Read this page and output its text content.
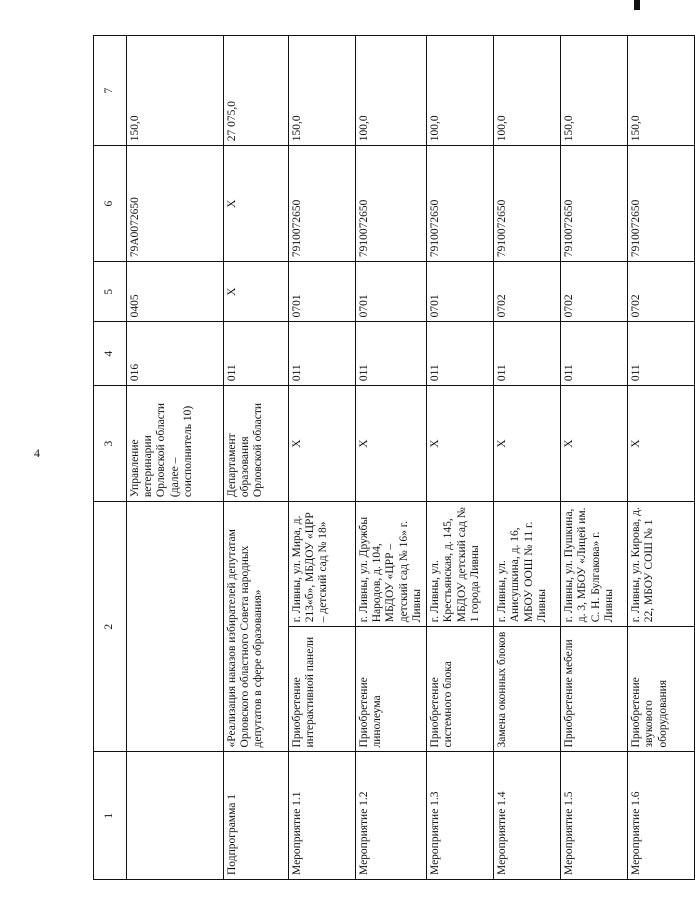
4
1	2		3	4	5	6	7
			Управление ветеринарии Орловской области (далее – соисполнитель 10)	016	0405	79А0072650	150,0
Подпрограмма 1	«Реализация наказов избирателей депутатам Орловского областного Совета народных депутатов в сфере образования»		Департамент образования Орловской области	011	X	X	27 075,0
Мероприятие 1.1	Приобретение интерактивной панели	г. Ливны, ул. Мира, д. 213«б», МБДОУ «ЦРР – детский сад № 18»	X	011	0701	7910072650	150,0
Мероприятие 1.2	Приобретение линолеума	г. Ливны, ул. Дружбы Народов, д. 104, МБДОУ «ЦРР – детский сад № 16» г. Ливны	X	011	0701	7910072650	100,0
Мероприятие 1.3	Приобретение системного блока	г. Ливны, ул. Крестьянская, д. 145, МБДОУ детский сад № 1 города Ливны	X	011	0701	7910072650	100,0
Мероприятие 1.4	Замена оконных блоков	г. Ливны, ул. Анисушкина, д. 16, МБОУ ООШ № 11 г. Ливны	X	011	0702	7910072650	100,0
Мероприятие 1.5	Приобретение мебели	г. Ливны, ул. Пушкина, д. 3, МБОУ «Лицей им. С. Н. Булгакова» г. Ливны	X	011	0702	7910072650	150,0
Мероприятие 1.6	Приобретение звукового оборудования	г. Ливны, ул. Кирова, д. 22, МБОУ СОШ № 1	X	011	0702	7910072650	150,0
